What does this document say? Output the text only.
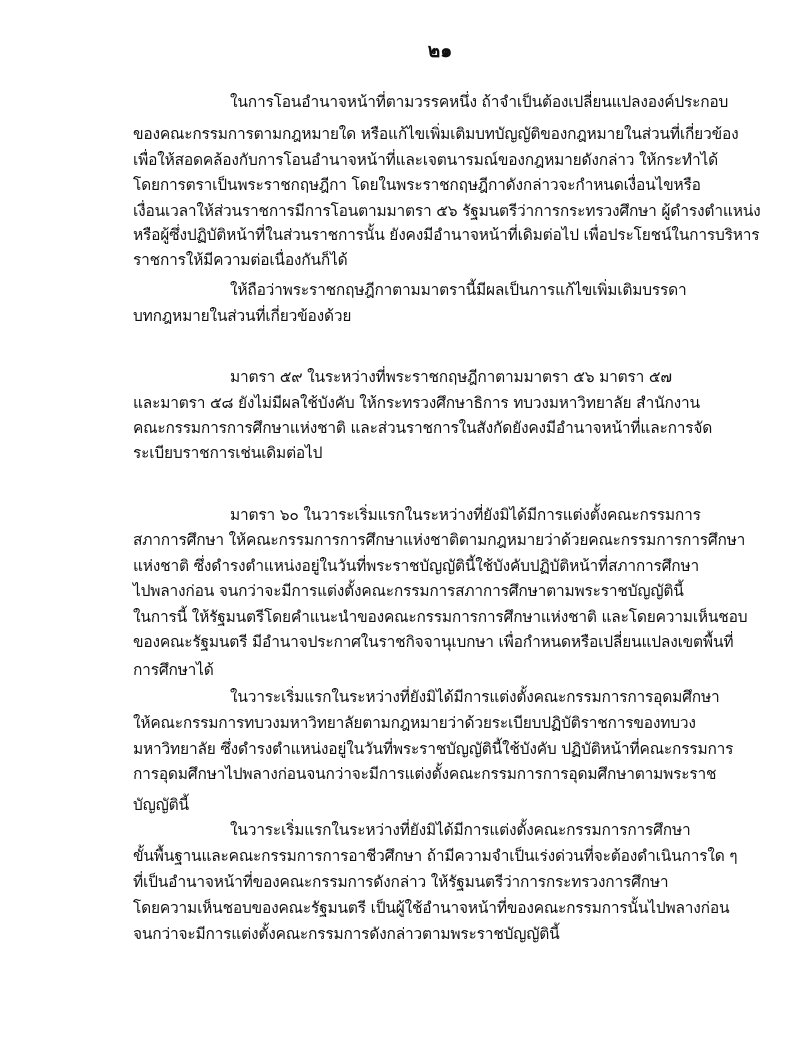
๒๑
ในการโอนอำนาจหน้าที่ตามวรรคหนึ่ง ถ้าจำเป็นต้องเปลี่ยนแปลงองค์ประกอบ
ของคณะกรรมการตามกฎหมายใด หรือแก้ไขเพิ่มเติมบทบัญญัติของกฎหมายในส่วนที่เกี่ยวข้อง
เพื่อให้สอดคล้องกับการโอนอำนาจหน้าที่และเจตนารมณ์ของกฎหมายดังกล่าว ให้กระทำได้
โดยการตราเป็นพระราชกฤษฎีกา โดยในพระราชกฤษฎีกาดังกล่าวจะกำหนดเงื่อนไขหรือ
เงื่อนเวลาให้ส่วนราชการมีการโอนตามมาตรา ๕๖ รัฐมนตรีว่าการกระทรวงศึกษา ผู้ดำรงตำแหน่ง
หรือผู้ซึ่งปฏิบัติหน้าที่ในส่วนราชการนั้น ยังคงมีอำนาจหน้าที่เดิมต่อไป เพื่อประโยชน์ในการบริหาร
ราชการให้มีความต่อเนื่องกันก็ได้
ให้ถือว่าพระราชกฤษฎีกาตามมาตรานี้มีผลเป็นการแก้ไขเพิ่มเติมบรรดา
บทกฎหมายในส่วนที่เกี่ยวข้องด้วย
มาตรา ๕๙ ในระหว่างที่พระราชกฤษฎีกาตามมาตรา ๕๖ มาตรา ๕๗
และมาตรา ๕๘ ยังไม่มีผลใช้บังคับ ให้กระทรวงศึกษาธิการ ทบวงมหาวิทยาลัย สำนักงาน
คณะกรรมการการศึกษาแห่งชาติ และส่วนราชการในสังกัดยังคงมีอำนาจหน้าที่และการจัด
ระเบียบราชการเช่นเดิมต่อไป
มาตรา ๖๐ ในวาระเริ่มแรกในระหว่างที่ยังมิได้มีการแต่งตั้งคณะกรรมการ
สภาการศึกษา ให้คณะกรรมการการศึกษาแห่งชาติตามกฎหมายว่าด้วยคณะกรรมการการศึกษา
แห่งชาติ ซึ่งดำรงตำแหน่งอยู่ในวันที่พระราชบัญญัตินี้ใช้บังคับปฏิบัติหน้าที่สภาการศึกษา
ไปพลางก่อน จนกว่าจะมีการแต่งตั้งคณะกรรมการสภาการศึกษาตามพระราชบัญญัตินี้
ในการนี้ ให้รัฐมนตรีโดยคำแนะนำของคณะกรรมการการศึกษาแห่งชาติ และโดยความเห็นชอบ
ของคณะรัฐมนตรี มีอำนาจประกาศในราชกิจจานุเบกษา เพื่อกำหนดหรือเปลี่ยนแปลงเขตพื้นที่
การศึกษาได้
ในวาระเริ่มแรกในระหว่างที่ยังมิได้มีการแต่งตั้งคณะกรรมการการอุดมศึกษา
ให้คณะกรรมการทบวงมหาวิทยาลัยตามกฎหมายว่าด้วยระเบียบปฏิบัติราชการของทบวง
มหาวิทยาลัย ซึ่งดำรงตำแหน่งอยู่ในวันที่พระราชบัญญัตินี้ใช้บังคับ ปฏิบัติหน้าที่คณะกรรมการ
การอุดมศึกษาไปพลางก่อนจนกว่าจะมีการแต่งตั้งคณะกรรมการการอุดมศึกษาตามพระราช
บัญญัตินี้
ในวาระเริ่มแรกในระหว่างที่ยังมิได้มีการแต่งตั้งคณะกรรมการการศึกษา
ขั้นพื้นฐานและคณะกรรมการการอาชีวศึกษา ถ้ามีความจำเป็นเร่งด่วนที่จะต้องดำเนินการใด ๆ
ที่เป็นอำนาจหน้าที่ของคณะกรรมการดังกล่าว ให้รัฐมนตรีว่าการกระทรวงการศึกษา
โดยความเห็นชอบของคณะรัฐมนตรี เป็นผู้ใช้อำนาจหน้าที่ของคณะกรรมการนั้นไปพลางก่อน
จนกว่าจะมีการแต่งตั้งคณะกรรมการดังกล่าวตามพระราชบัญญัตินี้
